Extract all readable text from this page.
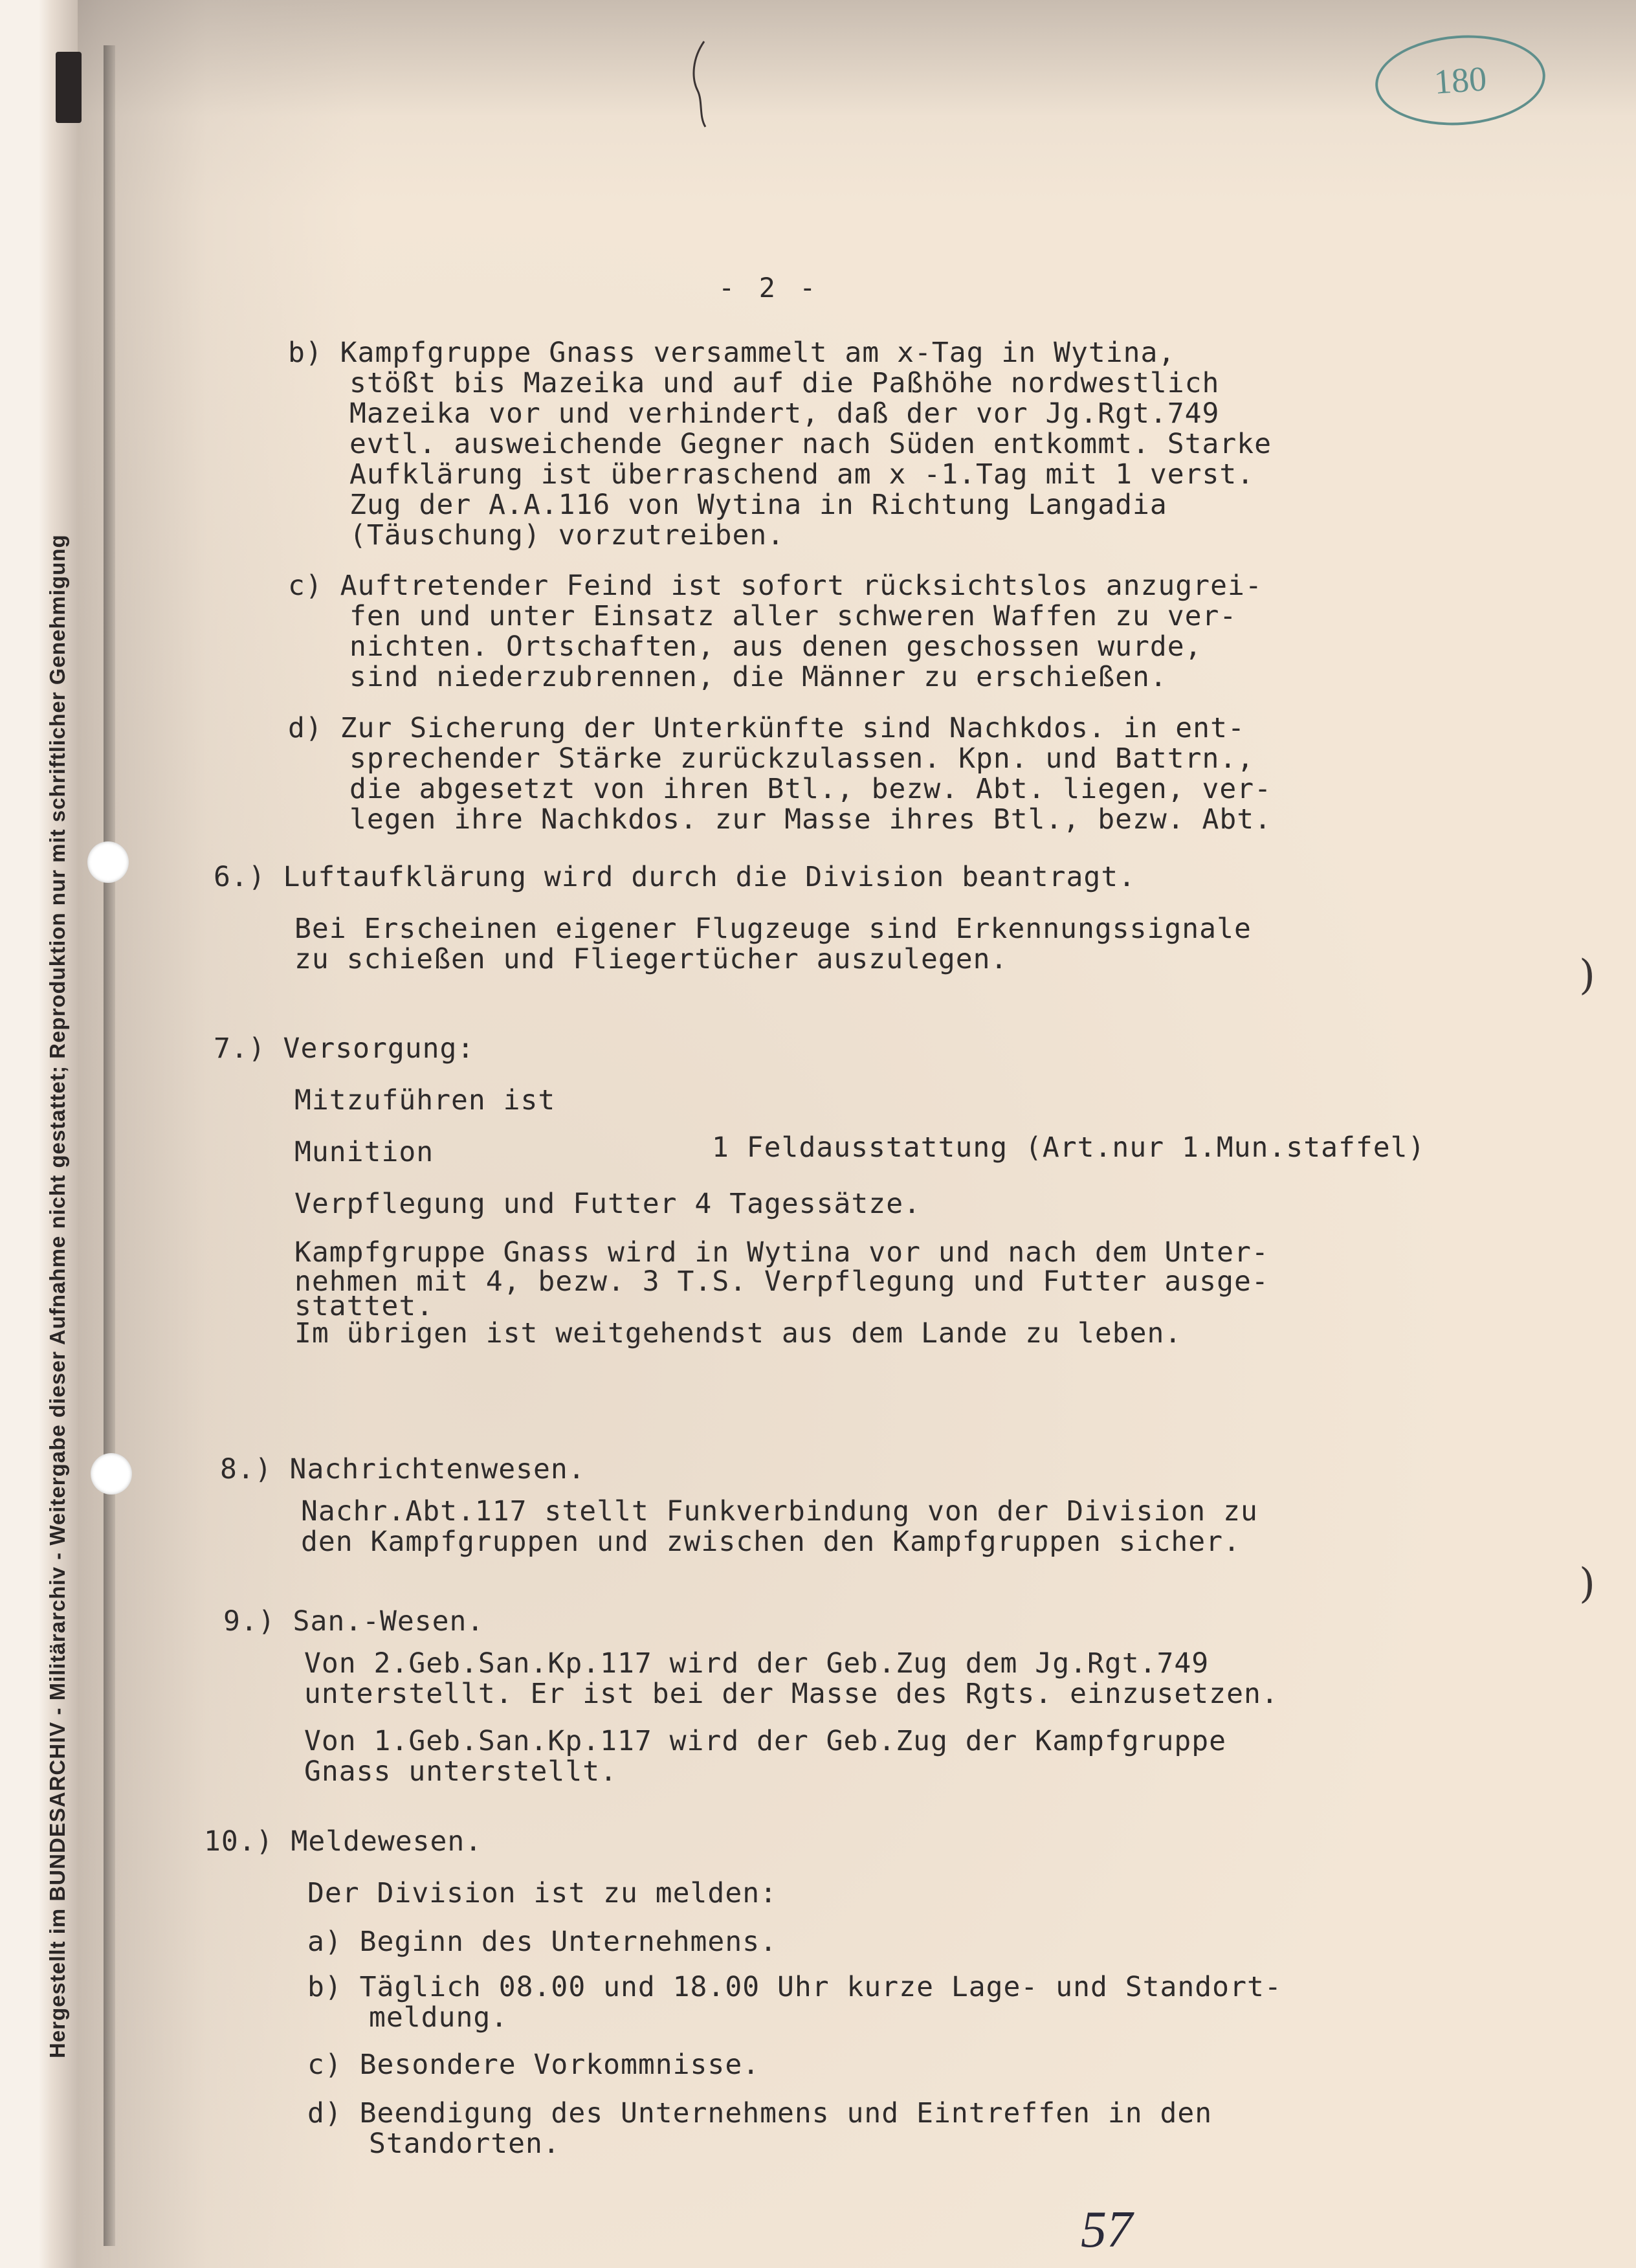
Hergestellt im BUNDESARCHIV - Militärarchiv - Weitergabe dieser Aufnahme nicht gestattet; Reproduktion nur mit schriftlicher Genehmigung
180
- 2 -
)
)
b) Kampfgruppe Gnass versammelt am x-Tag in Wytina,
stößt bis Mazeika und auf die Paßhöhe nordwestlich
Mazeika vor und verhindert, daß der vor Jg.Rgt.749
evtl. ausweichende Gegner nach Süden entkommt. Starke
Aufklärung ist überraschend am x -1.Tag mit 1 verst.
Zug der A.A.116 von Wytina in Richtung Langadia
(Täuschung) vorzutreiben.
c) Auftretender Feind ist sofort rücksichtslos anzugrei-
fen und unter Einsatz aller schweren Waffen zu ver-
nichten. Ortschaften, aus denen geschossen wurde,
sind niederzubrennen, die Männer zu erschießen.
d) Zur Sicherung der Unterkünfte sind Nachkdos. in ent-
sprechender Stärke zurückzulassen. Kpn. und Battrn.,
die abgesetzt von ihren Btl., bezw. Abt. liegen, ver-
legen ihre Nachkdos. zur Masse ihres Btl., bezw. Abt.
6.) Luftaufklärung wird durch die Division beantragt.
Bei Erscheinen eigener Flugzeuge sind Erkennungssignale
zu schießen und Fliegertücher auszulegen.
7.) Versorgung:
Mitzuführen ist
Munition	1 Feldausstattung (Art.nur 1.Mun.staffel)
Verpflegung und Futter 4 Tagessätze.
Kampfgruppe Gnass wird in Wytina vor und nach dem Unter-
nehmen mit 4, bezw. 3 T.S. Verpflegung und Futter ausge-
stattet.
Im übrigen ist weitgehendst aus dem Lande zu leben.
8.) Nachrichtenwesen.
Nachr.Abt.117 stellt Funkverbindung von der Division zu
den Kampfgruppen und zwischen den Kampfgruppen sicher.
9.) San.-Wesen.
Von 2.Geb.San.Kp.117 wird der Geb.Zug dem Jg.Rgt.749
unterstellt. Er ist bei der Masse des Rgts. einzusetzen.
Von 1.Geb.San.Kp.117 wird der Geb.Zug der Kampfgruppe
Gnass unterstellt.
10.) Meldewesen.
Der Division ist zu melden:
a) Beginn des Unternehmens.
b) Täglich 08.00 und 18.00 Uhr kurze Lage- und Standort-
meldung.
c) Besondere Vorkommnisse.
d) Beendigung des Unternehmens und Eintreffen in den
Standorten.
57
